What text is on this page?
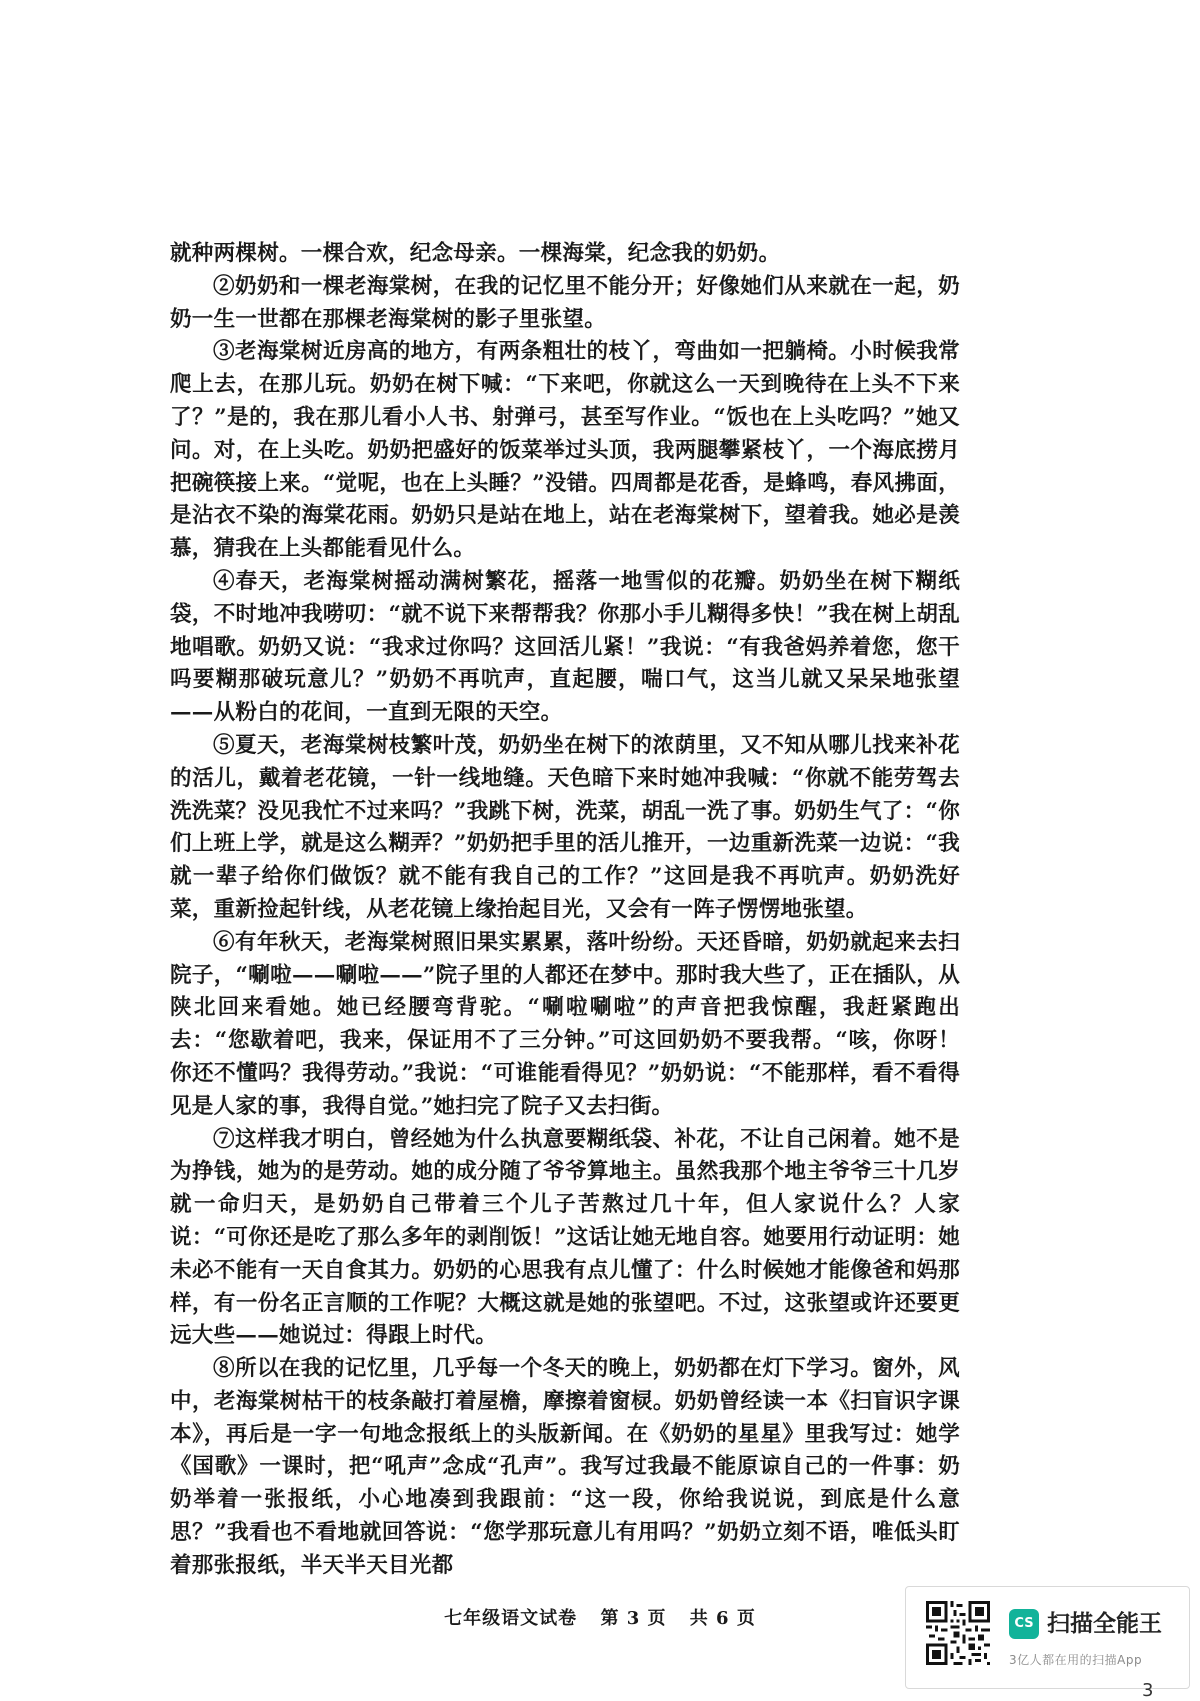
就种两棵树。一棵合欢，纪念母亲。一棵海棠，纪念我的奶奶。

②奶奶和一棵老海棠树，在我的记忆里不能分开；好像她们从来就在一起，奶奶一生一世都在那棵老海棠树的影子里张望。

③老海棠树近房高的地方，有两条粗壮的枝丫，弯曲如一把躺椅。小时候我常爬上去，在那儿玩。奶奶在树下喊：“下来吧，你就这么一天到晚待在上头不下来了？”是的，我在那儿看小人书、射弹弓，甚至写作业。“饭也在上头吃吗？”她又问。对，在上头吃。奶奶把盛好的饭菜举过头顶，我两腿攀紧枝丫，一个海底捞月把碗筷接上来。“觉呢，也在上头睡？”没错。四周都是花香，是蜂鸣，春风拂面，是沾衣不染的海棠花雨。奶奶只是站在地上，站在老海棠树下，望着我。她必是羡慕，猜我在上头都能看见什么。

④春天，老海棠树摇动满树繁花，摇落一地雪似的花瓣。奶奶坐在树下糊纸袋，不时地冲我唠叨：“就不说下来帮帮我？你那小手儿糊得多快！”我在树上胡乱地唱歌。奶奶又说：“我求过你吗？这回活儿紧！”我说：“有我爸妈养着您，您干吗要糊那破玩意儿？”奶奶不再吭声，直起腰，喘口气，这当儿就又呆呆地张望——从粉白的花间，一直到无限的天空。

⑤夏天，老海棠树枝繁叶茂，奶奶坐在树下的浓荫里，又不知从哪儿找来补花的活儿，戴着老花镜，一针一线地缝。天色暗下来时她冲我喊：“你就不能劳驾去洗洗菜？没见我忙不过来吗？”我跳下树，洗菜，胡乱一洗了事。奶奶生气了：“你们上班上学，就是这么糊弄？”奶奶把手里的活儿推开，一边重新洗菜一边说：“我就一辈子给你们做饭？就不能有我自己的工作？”这回是我不再吭声。奶奶洗好菜，重新捡起针线，从老花镜上缘抬起目光，又会有一阵子愣愣地张望。

⑥有年秋天，老海棠树照旧果实累累，落叶纷纷。天还昏暗，奶奶就起来去扫院子，“唰啦——唰啦——”院子里的人都还在梦中。那时我大些了，正在插队，从陕北回来看她。她已经腰弯背驼。“唰啦唰啦”的声音把我惊醒，我赶紧跑出去：“您歇着吧，我来，保证用不了三分钟。”可这回奶奶不要我帮。“咳，你呀！你还不懂吗？我得劳动。”我说：“可谁能看得见？”奶奶说：“不能那样，看不看得见是人家的事，我得自觉。”她扫完了院子又去扫街。

⑦这样我才明白，曾经她为什么执意要糊纸袋、补花，不让自己闲着。她不是为挣钱，她为的是劳动。她的成分随了爷爷算地主。虽然我那个地主爷爷三十几岁就一命归天，是奶奶自己带着三个儿子苦熬过几十年，但人家说什么？人家说：“可你还是吃了那么多年的剥削饭！”这话让她无地自容。她要用行动证明：她未必不能有一天自食其力。奶奶的心思我有点儿懂了：什么时候她才能像爸和妈那样，有一份名正言顺的工作呢？大概这就是她的张望吧。不过，这张望或许还要更远大些——她说过：得跟上时代。

⑧所以在我的记忆里，几乎每一个冬天的晚上，奶奶都在灯下学习。窗外，风中，老海棠树枯干的枝条敲打着屋檐，摩擦着窗棂。奶奶曾经读一本《扫盲识字课本》，再后是一字一句地念报纸上的头版新闻。在《奶奶的星星》里我写过：她学《国歌》一课时，把“吼声”念成“孔声”。我写过我最不能原谅自己的一件事：奶奶举着一张报纸，小心地凑到我跟前：“这一段，你给我说说，到底是什么意思？”我看也不看地就回答说：“您学那玩意儿有用吗？”奶奶立刻不语，唯低头盯着那张报纸，半天半天目光都

七年级语文试卷 第 3 页 共 6 页	CS 扫描全能王
3亿人都在用的扫描App
3
